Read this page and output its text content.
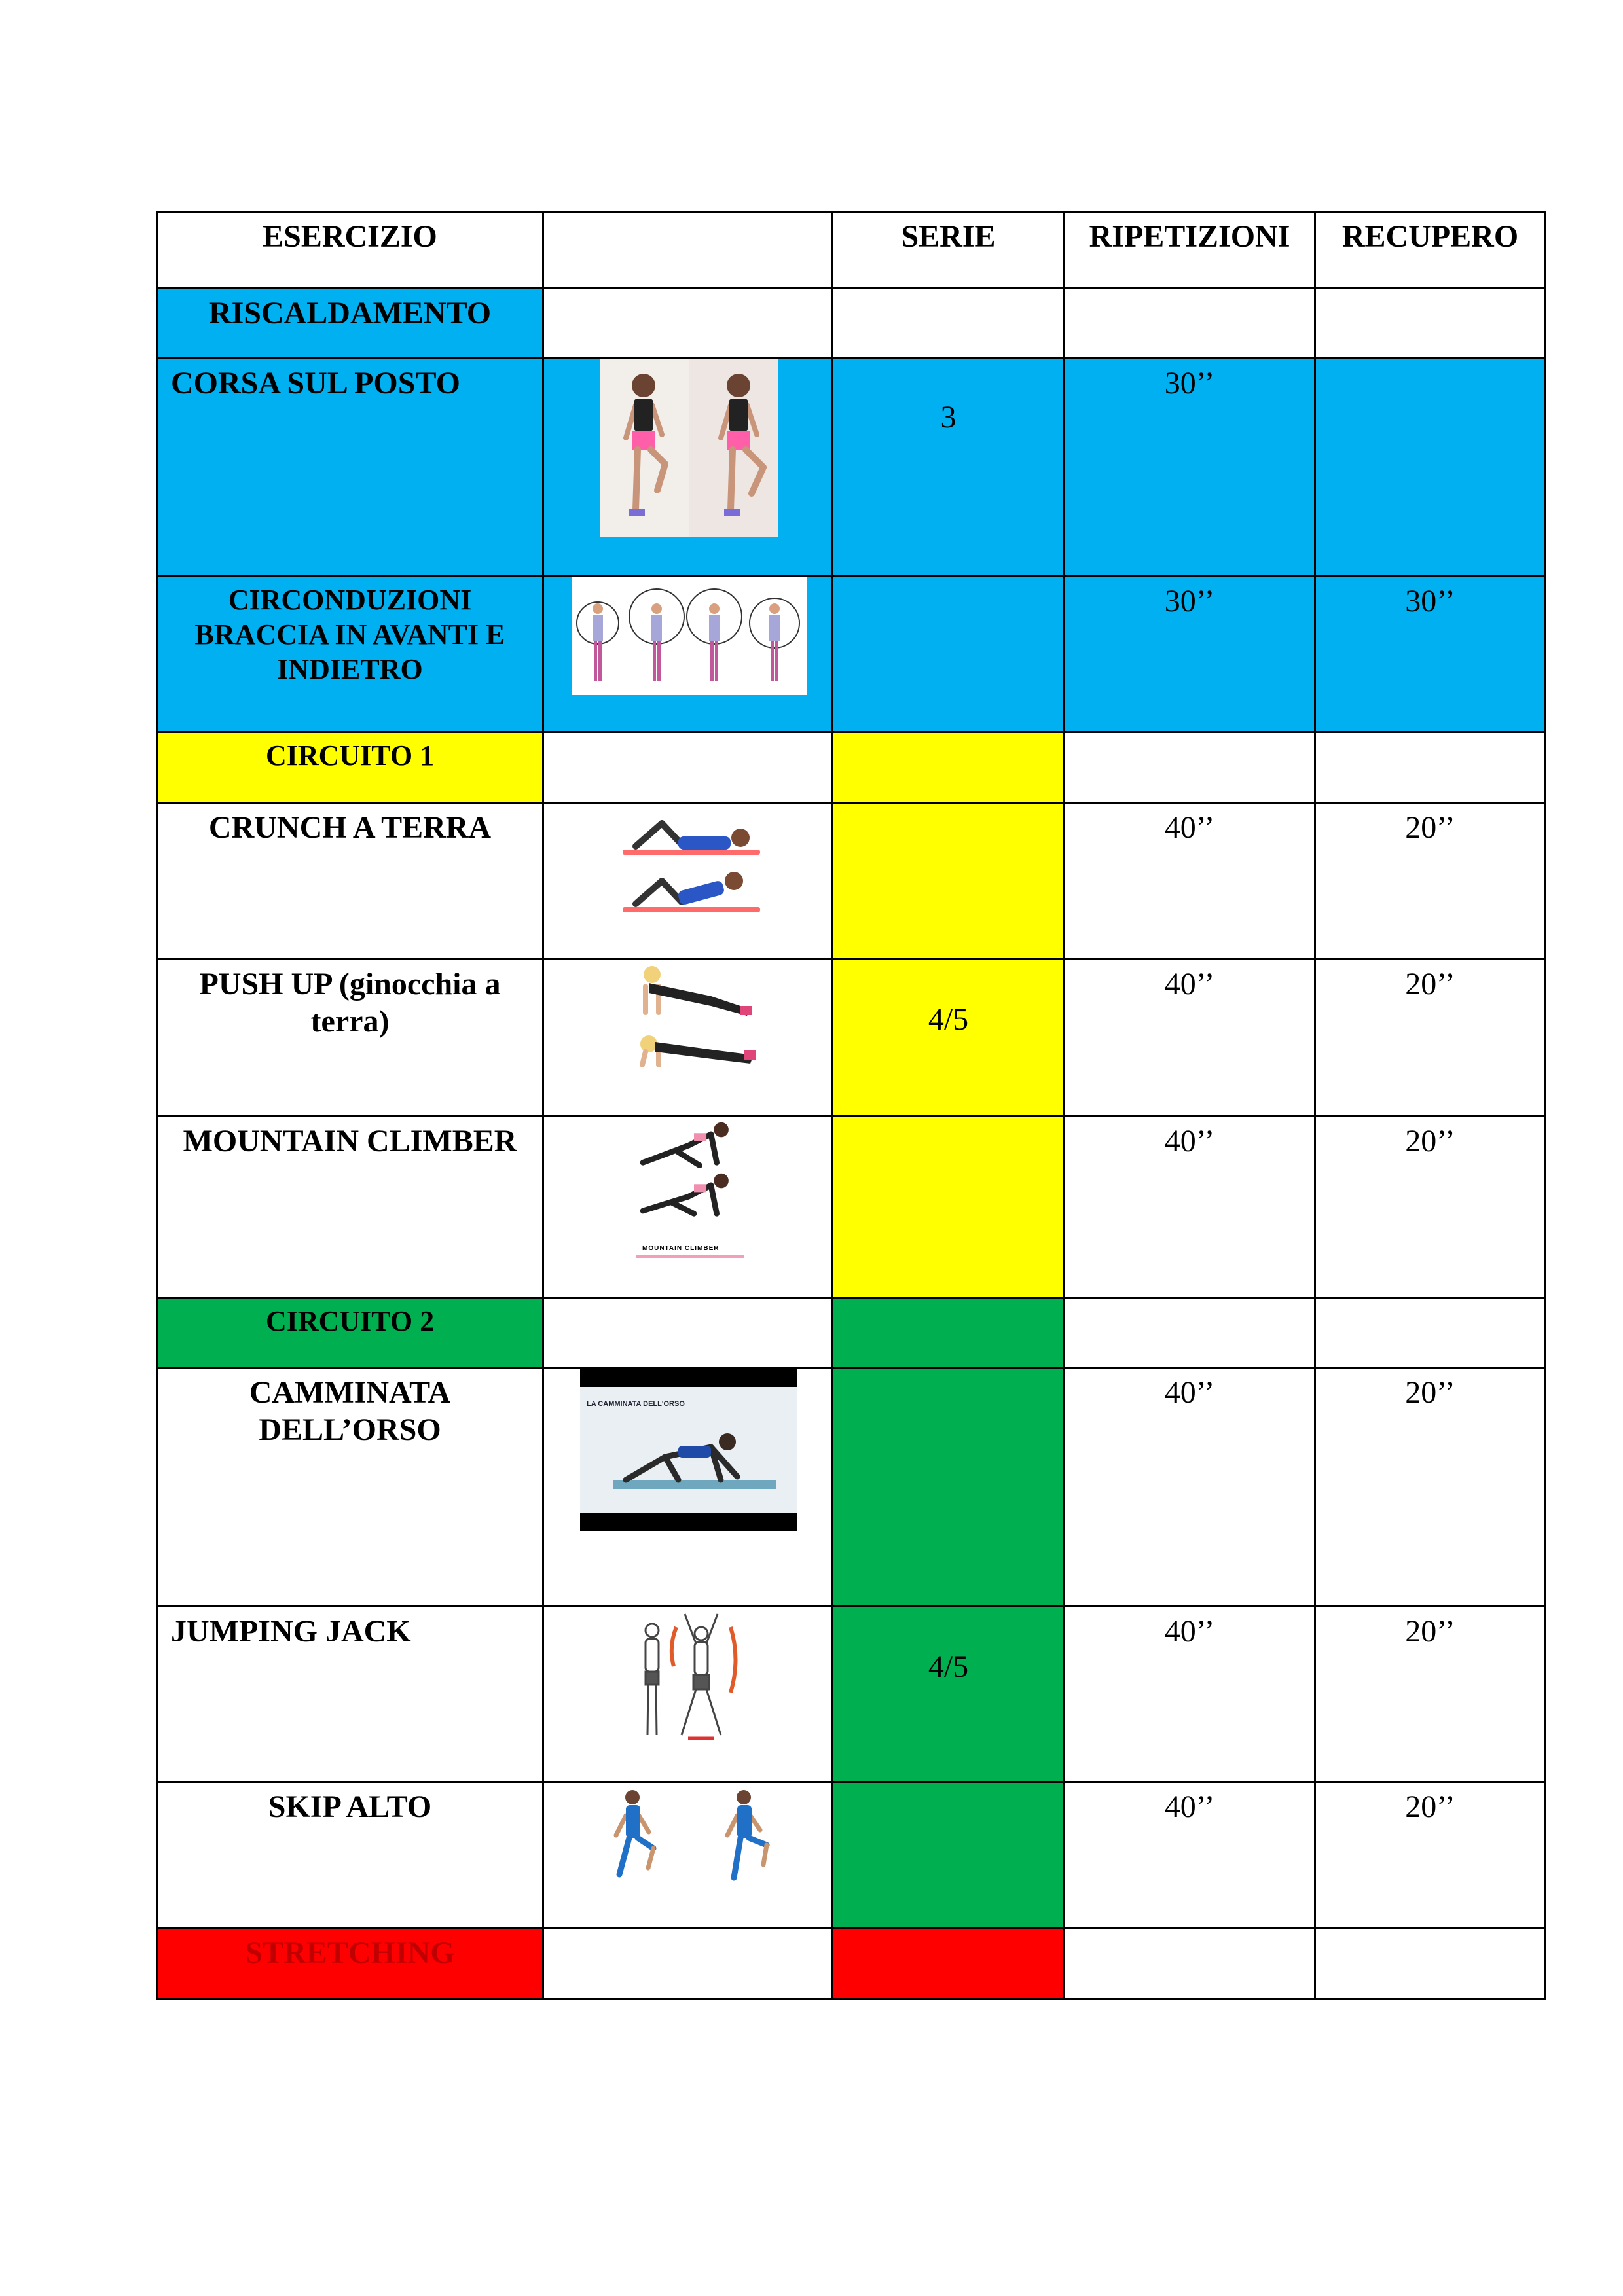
ESERCIZIO		SERIE	RIPETIZIONI	RECUPERO
RISCALDAMENTO				
CORSA SUL POSTO		3	30’’	
CIRCONDUZIONI BRACCIA IN AVANTI E INDIETRO			30’’	30’’
CIRCUITO 1				
CRUNCH A TERRA			40’’	20’’
PUSH UP (ginocchia a terra)		4/5	40’’	20’’
MOUNTAIN CLIMBER	MOUNTAIN CLIMBER		40’’	20’’
CIRCUITO 2				
CAMMINATA DELL’ORSO	LA CAMMINATA DELL'ORSO		40’’	20’’
JUMPING JACK		4/5	40’’	20’’
SKIP ALTO			40’’	20’’
STRETCHING				
